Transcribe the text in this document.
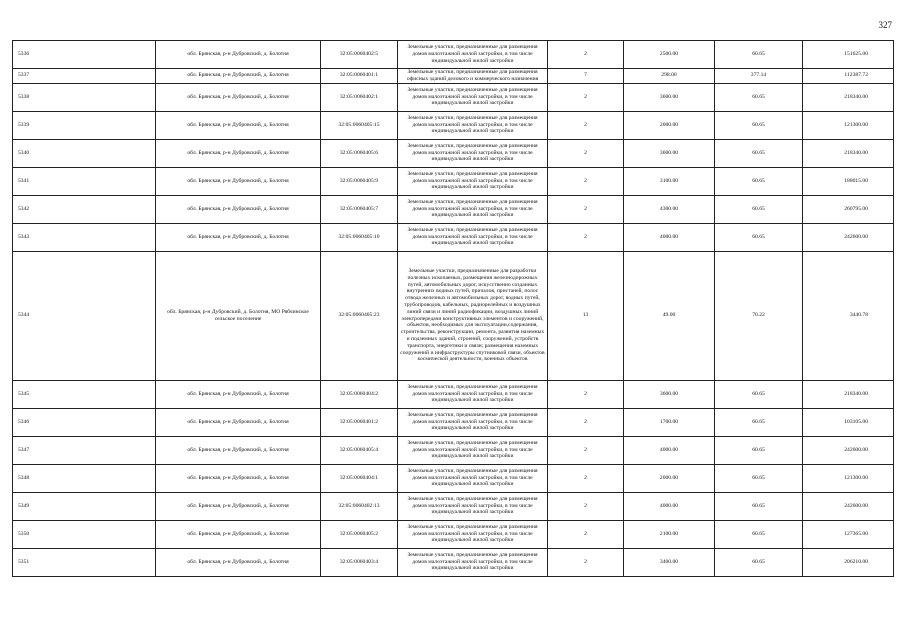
327
5336	обл. Брянская, р-н Дубровский, д. Болотня	32:05:0060402:5	Земельные участки, предназначенные для размещения домов малоэтажной жилой застройки, в том числе индивидуальной жилой застройки	2	2500.00	60.65	151625.00
5337	обл. Брянская, р-н Дубровский, д. Болотня	32:05:0060401:1	Земельные участки, предназначенные для размещения офисных зданий делового и коммерческого назначения	7	298.00	377.14	112387.72
5338	обл. Брянская, р-н Дубровский, д. Болотня	32:05:0060402:1	Земельные участки, предназначенные для размещения домов малоэтажной жилой застройки, в том числе индивидуальной жилой застройки	2	3600.00	60.65	218340.00
5339	обл. Брянская, р-н Дубровский, д. Болотня	32:05:0060405:15	Земельные участки, предназначенные для размещения домов малоэтажной жилой застройки, в том числе индивидуальной жилой застройки	2	2000.00	60.65	121300.00
5340	обл. Брянская, р-н Дубровский, д. Болотня	32:05:0060405:6	Земельные участки, предназначенные для размещения домов малоэтажной жилой застройки, в том числе индивидуальной жилой застройки	2	3600.00	60.65	218340.00
5341	обл. Брянская, р-н Дубровский, д. Болотня	32:05:0060405:9	Земельные участки, предназначенные для размещения домов малоэтажной жилой застройки, в том числе индивидуальной жилой застройки	2	3100.00	60.65	188015.00
5342	обл. Брянская, р-н Дубровский, д. Болотня	32:05:0060405:7	Земельные участки, предназначенные для размещения домов малоэтажной жилой застройки, в том числе индивидуальной жилой застройки	2	4300.00	60.65	260795.00
5343	обл. Брянская, р-н Дубровский, д. Болотня	32:05:0060405:10	Земельные участки, предназначенные для размещения домов малоэтажной жилой застройки, в том числе индивидуальной жилой застройки	2	4000.00	60.65	242600.00
5344	обл. Брянская, р-н Дубровский, д. Болотня, МО Рябчинское сельское поселение	32:05:0060405:23	Земельные участки, предназначенные для разработки полезных ископаемых, размещения железнодорожных путей, автомобильных дорог, искусственно созданных внутренних водных путей, причалов, пристаней, полос отвода железных и автомобильных дорог, водных путей, трубопроводов, кабельных, радиорелейных и воздушных линий связи и линий радиофикации, воздушных линий электропередачи конструктивных элементов и сооружений, объектов, необходимых для эксплуатации,содержания, строительства, реконструкции, ремонта, развития наземных и подземных зданий, строений, сооружений, устройств транспорта, энергетики и связи; размещения наземных сооружений и инфраструктуры спутниковой связи, объектов космической деятельности, военных объектов	13	49.00	70.22	3440.78
5345	обл. Брянская, р-н Дубровский, д. Болотня	32:05:0060404:2	Земельные участки, предназначенные для размещения домов малоэтажной жилой застройки, в том числе индивидуальной жилой застройки	2	3600.00	60.65	218340.00
5346	обл. Брянская, р-н Дубровский, д. Болотня	32:05:0060401:2	Земельные участки, предназначенные для размещения домов малоэтажной жилой застройки, в том числе индивидуальной жилой застройки	2	1700.00	60.65	103105.00
5347	обл. Брянская, р-н Дубровский, д. Болотня	32:05:0060405:4	Земельные участки, предназначенные для размещения домов малоэтажной жилой застройки, в том числе индивидуальной жилой застройки	2	4000.00	60.65	242600.00
5348	обл. Брянская, р-н Дубровский, д. Болотня	32:05:0060404:1	Земельные участки, предназначенные для размещения домов малоэтажной жилой застройки, в том числе индивидуальной жилой застройки	2	2000.00	60.65	121300.00
5349	обл. Брянская, р-н Дубровский, д. Болотня	32:05:0060402:13	Земельные участки, предназначенные для размещения домов малоэтажной жилой застройки, в том числе индивидуальной жилой застройки	2	4000.00	60.65	242600.00
5350	обл. Брянская, р-н Дубровский, д. Болотня	32:05:0060405:2	Земельные участки, предназначенные для размещения домов малоэтажной жилой застройки, в том числе индивидуальной жилой застройки	2	2100.00	60.65	127365.00
5351	обл. Брянская, р-н Дубровский, д. Болотня	32:05:0060403:4	Земельные участки, предназначенные для размещения домов малоэтажной жилой застройки, в том числе индивидуальной жилой застройки	2	3400.00	60.65	206210.00
